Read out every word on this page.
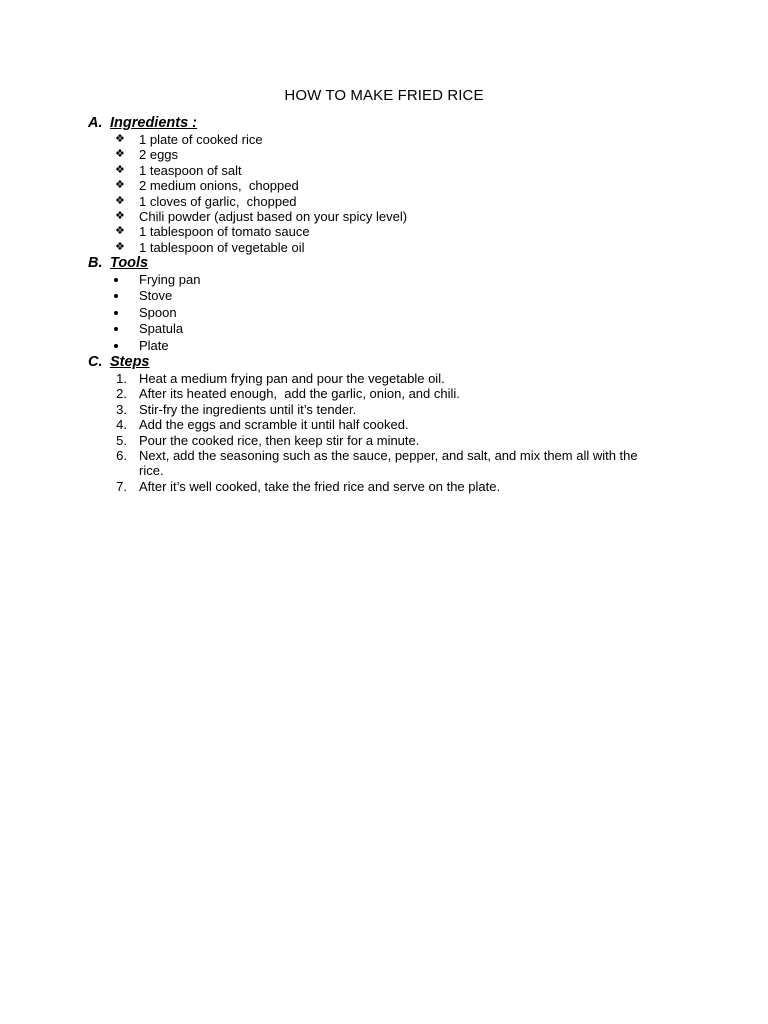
HOW TO MAKE FRIED RICE
A. Ingredients :
❖	1 plate of cooked rice
❖	2 eggs
❖	1 teaspoon of salt
❖	2 medium onions,  chopped
❖	1 cloves of garlic,  chopped
❖	Chili powder (adjust based on your spicy level)
❖	1 tablespoon of tomato sauce
❖	1 tablespoon of vegetable oil
B. Tools
Frying pan
Stove
Spoon
Spatula
Plate
C. Steps
1. Heat a medium frying pan and pour the vegetable oil.
2. After its heated enough,  add the garlic, onion, and chili.
3. Stir-fry the ingredients until it’s tender.
4. Add the eggs and scramble it until half cooked.
5. Pour the cooked rice, then keep stir for a minute.
6. Next, add the seasoning such as the sauce, pepper, and salt, and mix them all with the rice.
7. After it’s well cooked, take the fried rice and serve on the plate.
